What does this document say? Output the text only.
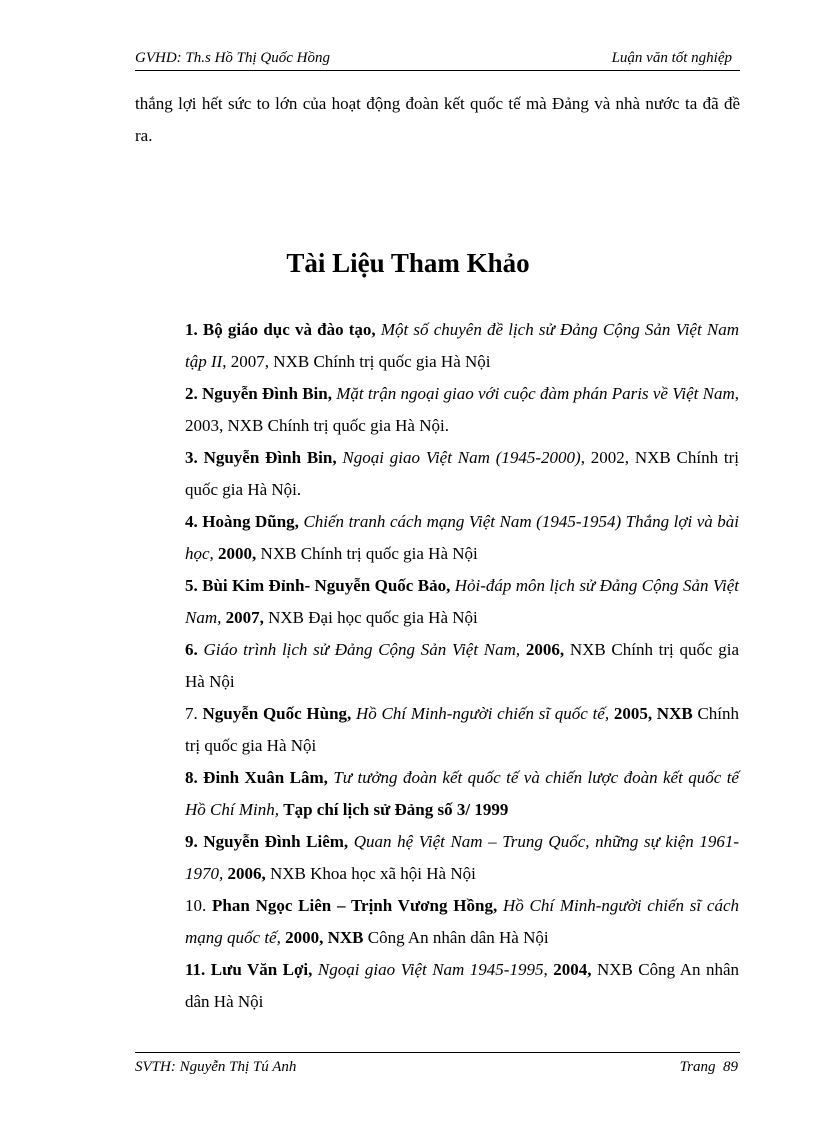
GVHD: Th.s Hồ Thị Quốc Hồng	Luận văn tốt nghiệp

thắng lợi hết sức to lớn của hoạt động đoàn kết quốc tế mà Đảng và nhà nước ta đã đề ra.

Tài Liệu Tham Khảo

1. Bộ giáo dục và đào tạo, Một số chuyên đề lịch sử Đảng Cộng Sản Việt Nam tập II, 2007, NXB Chính trị quốc gia Hà Nội

2. Nguyễn Đình Bin, Mặt trận ngoại giao với cuộc đàm phán Paris về Việt Nam, 2003, NXB Chính trị quốc gia Hà Nội.

3. Nguyễn Đình Bin, Ngoại giao Việt Nam (1945-2000), 2002, NXB Chính trị quốc gia Hà Nội.

4. Hoàng Dũng, Chiến tranh cách mạng Việt Nam (1945-1954) Thắng lợi và bài học, 2000, NXB Chính trị quốc gia Hà Nội

5. Bùi Kim Đỉnh- Nguyễn Quốc Bảo, Hỏi-đáp môn lịch sử Đảng Cộng Sản Việt Nam, 2007, NXB Đại học quốc gia Hà Nội

6. Giáo trình lịch sử Đảng Cộng Sản Việt Nam, 2006, NXB Chính trị quốc gia Hà Nội

7. Nguyễn Quốc Hùng, Hồ Chí Minh-người chiến sĩ quốc tế, 2005, NXB Chính trị quốc gia Hà Nội

8. Đinh Xuân Lâm, Tư tưởng đoàn kết quốc tế và chiến lược đoàn kết quốc tế Hồ Chí Minh, Tạp chí lịch sử Đảng số 3/ 1999

9. Nguyễn Đình Liêm, Quan hệ Việt Nam – Trung Quốc, những sự kiện 1961-1970, 2006, NXB Khoa học xã hội Hà Nội

10. Phan Ngọc Liên – Trịnh Vương Hồng, Hồ Chí Minh-người chiến sĩ cách mạng quốc tế, 2000, NXB Công An nhân dân Hà Nội

11. Lưu Văn Lợi, Ngoại giao Việt Nam 1945-1995, 2004, NXB Công An nhân dân Hà Nội

SVTH: Nguyễn Thị Tú Anh	Trang  89
